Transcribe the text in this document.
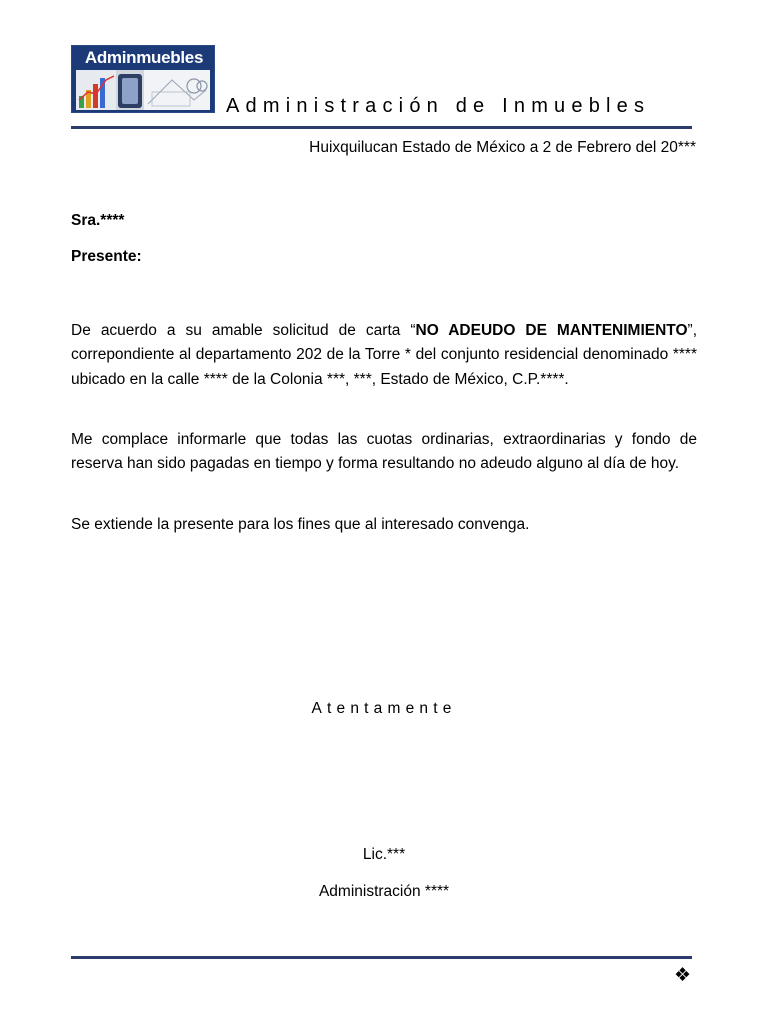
Adminmuebles
Administración de Inmuebles
Huixquilucan Estado de México a 2 de Febrero del 20***
Sra.****
Presente:

De acuerdo a su amable solicitud de carta “NO ADEUDO DE MANTENIMIENTO”, correpondiente al departamento 202 de la Torre * del conjunto residencial denominado **** ubicado en la calle **** de la Colonia ***, ***, Estado de México, C.P.****.

Me complace informarle que todas las cuotas ordinarias, extraordinarias y fondo de reserva han sido pagadas en tiempo y forma resultando no adeudo alguno al día de hoy.

Se extiende la presente para los fines que al interesado convenga.

Atentamente
Lic.***
Administración ****
❖
